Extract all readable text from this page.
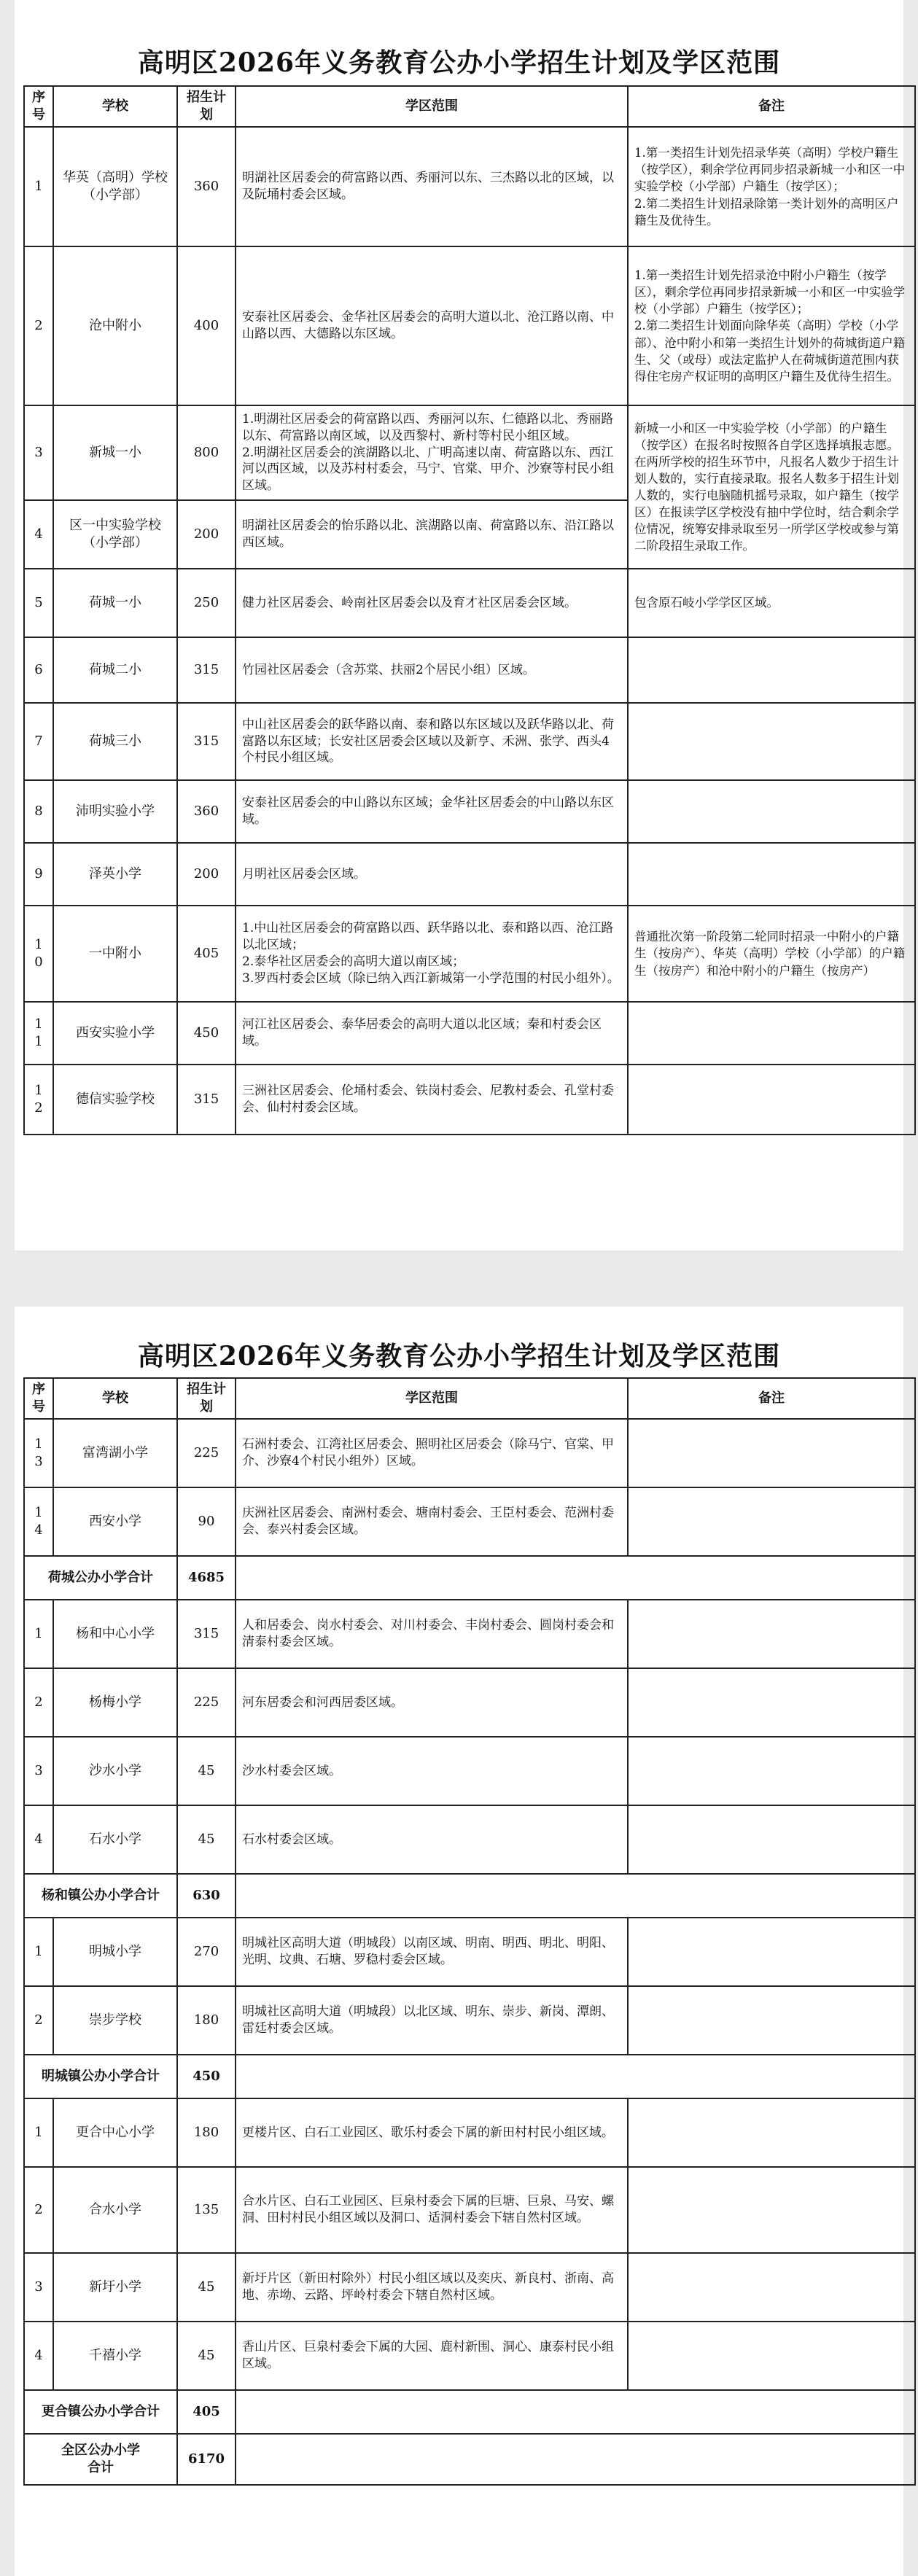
高明区2026年义务教育公办小学招生计划及学区范围
序号	学校	招生计划	学区范围	备注
1	华英（高明）学校（小学部）	360	明湖社区居委会的荷富路以西、秀丽河以东、三杰路以北的区域，以及阮埇村委会区域。	1.第一类招生计划先招录华英（高明）学校户籍生（按学区），剩余学位再同步招录新城一小和区一中实验学校（小学部）户籍生（按学区）；
2.第二类招生计划招录除第一类计划外的高明区户籍生及优待生。
2	沧中附小	400	安泰社区居委会、金华社区居委会的高明大道以北、沧江路以南、中山路以西、大德路以东区域。	1.第一类招生计划先招录沧中附小户籍生（按学区），剩余学位再同步招录新城一小和区一中实验学校（小学部）户籍生（按学区）；
2.第二类招生计划面向除华英（高明）学校（小学部）、沧中附小和第一类招生计划外的荷城街道户籍生、父（或母）或法定监护人在荷城街道范围内获得住宅房产权证明的高明区户籍生及优待生招生。
3	新城一小	800	1.明湖社区居委会的荷富路以西、秀丽河以东、仁德路以北、秀丽路以东、荷富路以南区域，以及西黎村、新村等村民小组区域。
2.明湖社区居委会的滨湖路以北、广明高速以南、荷富路以东、西江河以西区域，以及苏村村委会，马宁、官棠、甲介、沙寮等村民小组区域。	新城一小和区一中实验学校（小学部）的户籍生（按学区）在报名时按照各自学区选择填报志愿。在两所学校的招生环节中，凡报名人数少于招生计划人数的，实行直接录取。报名人数多于招生计划人数的，实行电脑随机摇号录取，如户籍生（按学区）在报读学区学校没有抽中学位时，结合剩余学位情况，统筹安排录取至另一所学区学校或参与第二阶段招生录取工作。
4	区一中实验学校（小学部）	200	明湖社区居委会的怡乐路以北、滨湖路以南、荷富路以东、沿江路以西区域。	
5	荷城一小	250	健力社区居委会、岭南社区居委会以及育才社区居委会区域。	包含原石岐小学学区区域。
6	荷城二小	315	竹园社区居委会（含苏棠、扶丽2个居民小组）区域。	
7	荷城三小	315	中山社区居委会的跃华路以南、泰和路以东区域以及跃华路以北、荷富路以东区域；长安社区居委会区域以及新亨、禾洲、张学、西头4个村民小组区域。	
8	沛明实验小学	360	安泰社区居委会的中山路以东区域；金华社区居委会的中山路以东区域。	
9	泽英小学	200	月明社区居委会区域。	
10	一中附小	405	1.中山社区居委会的荷富路以西、跃华路以北、泰和路以西、沧江路以北区域；
2.泰华社区居委会的高明大道以南区域；
3.罗西村委会区域（除已纳入西江新城第一小学范围的村民小组外）。	普通批次第一阶段第二轮同时招录一中附小的户籍生（按房产）、华英（高明）学校（小学部）的户籍生（按房产）和沧中附小的户籍生（按房产）
11	西安实验小学	450	河江社区居委会、泰华居委会的高明大道以北区域；秦和村委会区域。	
12	德信实验学校	315	三洲社区居委会、伦埇村委会、铁岗村委会、尼教村委会、孔堂村委会、仙村村委会区域。	
高明区2026年义务教育公办小学招生计划及学区范围
序号	学校	招生计划	学区范围	备注
13	富湾湖小学	225	石洲村委会、江湾社区居委会、照明社区居委会（除马宁、官棠、甲介、沙寮4个村民小组外）区域。	
14	西安小学	90	庆洲社区居委会、南洲村委会、塘南村委会、王臣村委会、范洲村委会、泰兴村委会区域。	
荷城公办小学合计		4685		
1	杨和中心小学	315	人和居委会、岗水村委会、对川村委会、丰岗村委会、圆岗村委会和清泰村委会区域。	
2	杨梅小学	225	河东居委会和河西居委区域。	
3	沙水小学	45	沙水村委会区域。	
4	石水小学	45	石水村委会区域。	
杨和镇公办小学合计		630		
1	明城小学	270	明城社区高明大道（明城段）以南区域、明南、明西、明北、明阳、光明、坟典、石塘、罗稳村委会区域。	
2	崇步学校	180	明城社区高明大道（明城段）以北区域、明东、崇步、新岗、潭朗、雷廷村委会区域。	
明城镇公办小学合计		450		
1	更合中心小学	180	更楼片区、白石工业园区、歌乐村委会下属的新田村村民小组区域。	
2	合水小学	135	合水片区、白石工业园区、巨泉村委会下属的巨塘、巨泉、马安、螺洞、田村村民小组区域以及洞口、适洞村委会下辖自然村区域。	
3	新圩小学	45	新圩片区（新田村除外）村民小组区域以及奕庆、新良村、浙南、高地、赤坳、云路、坪岭村委会下辖自然村区域。	
4	千禧小学	45	香山片区、巨泉村委会下属的大园、鹿村新围、洞心、康泰村民小组区域。	
更合镇公办小学合计		405		
全区公办小学
合计		6170		
